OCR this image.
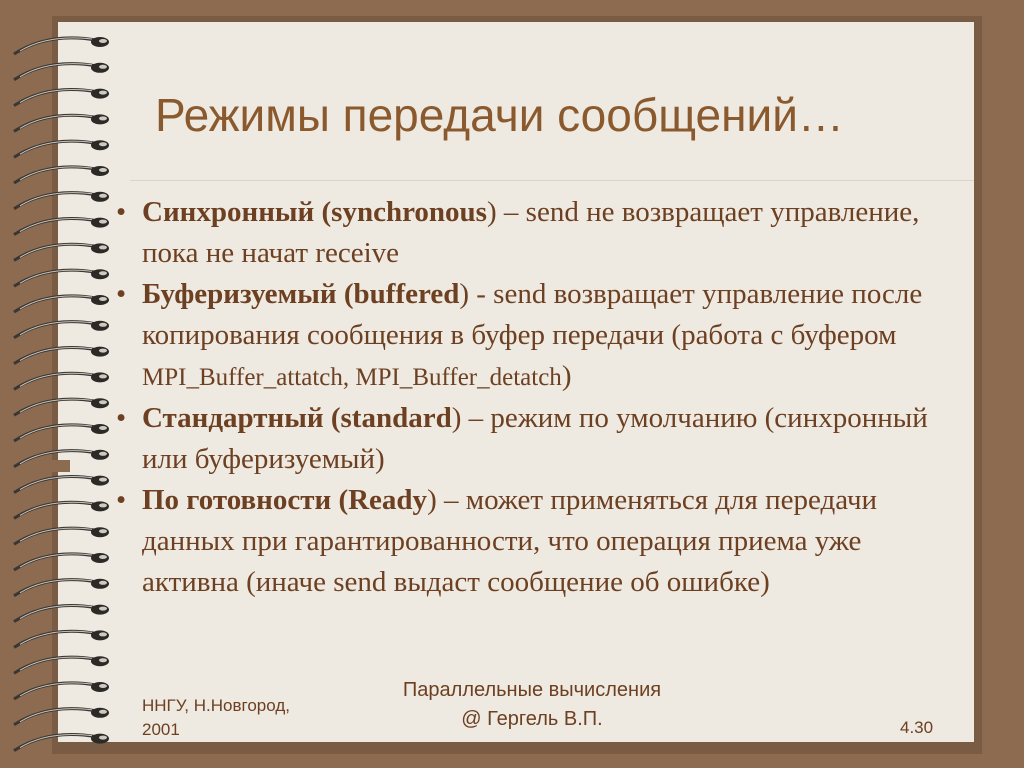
Режимы передачи сообщений…

• Синхронный (synchronous) – send не возвращает управление, пока не начат receive

• Буферизуемый (buffered) - send возвращает управление после копирования сообщения в буфер передачи (работа с буфером MPI_Buffer_attatch, MPI_Buffer_detatch)

• Стандартный (standard) – режим по умолчанию (синхронный или буферизуемый)

• По готовности (Ready) – может применяться для передачи данных при гарантированности, что операция приема уже активна (иначе send выдаст сообщение об ошибке)

ННГУ, Н.Новгород,
2001
Параллельные вычисления
@ Гергель В.П.	4.30
